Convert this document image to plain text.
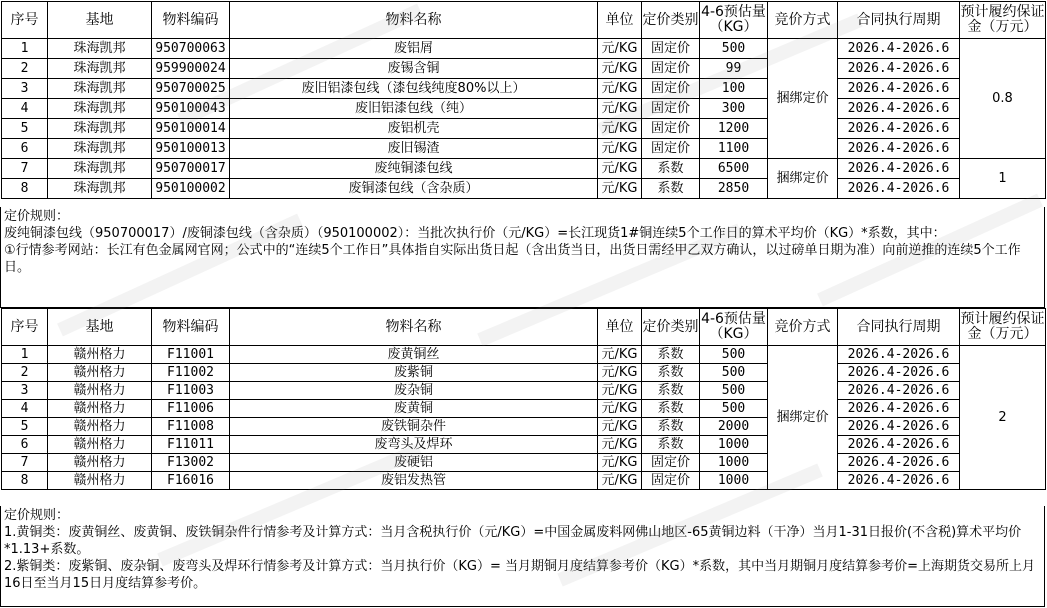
序号	基地	物料编码	物料名称	单位	定价类别	4-6预估量（KG）	竞价方式	合同执行周期	预计履约保证金（万元）
1	珠海凯邦	950700063	废铝屑	元/KG	固定价	500	捆绑定价	2026.4-2026.6	0.8
2	珠海凯邦	959900024	废锡含铜	元/KG	固定价	99		2026.4-2026.6	
3	珠海凯邦	950700025	废旧铝漆包线（漆包线纯度80%以上）	元/KG	固定价	100		2026.4-2026.6	
4	珠海凯邦	950100043	废旧铝漆包线（纯）	元/KG	固定价	300		2026.4-2026.6	
5	珠海凯邦	950100014	废铝机壳	元/KG	固定价	1200		2026.4-2026.6	
6	珠海凯邦	950100013	废旧锡渣	元/KG	固定价	1100		2026.4-2026.6	
7	珠海凯邦	950700017	废纯铜漆包线	元/KG	系数	6500	捆绑定价	2026.4-2026.6	1
8	珠海凯邦	950100002	废铜漆包线（含杂质）	元/KG	系数	2850		2026.4-2026.6	

定价规则：

废纯铜漆包线（950700017）/废铜漆包线（含杂质）（950100002）：当批次执行价（元/KG）=长江现货1#铜连续5个工作日的算术平均价（KG）*系数，其中：

①行情参考网站：长江有色金属网官网；公式中的“连续5个工作日”具体指自实际出货日起（含出货当日，出货日需经甲乙双方确认，以过磅单日期为准）向前逆推的连续5个工作日。

序号	基地	物料编码	物料名称	单位	定价类别	4-6预估量（KG）	竞价方式	合同执行周期	预计履约保证金（万元）
1	赣州格力	F11001	废黄铜丝	元/KG	系数	500	捆绑定价	2026.4-2026.6	2
2	赣州格力	F11002	废紫铜	元/KG	系数	500		2026.4-2026.6	
3	赣州格力	F11003	废杂铜	元/KG	系数	500		2026.4-2026.6	
4	赣州格力	F11006	废黄铜	元/KG	系数	500		2026.4-2026.6	
5	赣州格力	F11008	废铁铜杂件	元/KG	系数	2000		2026.4-2026.6	
6	赣州格力	F11011	废弯头及焊环	元/KG	系数	1000		2026.4-2026.6	
7	赣州格力	F13002	废硬铝	元/KG	固定价	1000		2026.4-2026.6	
8	赣州格力	F16016	废铝发热管	元/KG	固定价	1000		2026.4-2026.6	

定价规则：

1.黄铜类：废黄铜丝、废黄铜、废铁铜杂件行情参考及计算方式：当月含税执行价（元/KG）=中国金属废料网佛山地区-65黄铜边料（干净）当月1-31日报价(不含税)算术平均价*1.13+系数。

2.紫铜类：废紫铜、废杂铜、废弯头及焊环行情参考及计算方式：当月执行价（KG）= 当月期铜月度结算参考价（KG）*系数，其中当月期铜月度结算参考价=上海期货交易所上月16日至当月15日月度结算参考价。
